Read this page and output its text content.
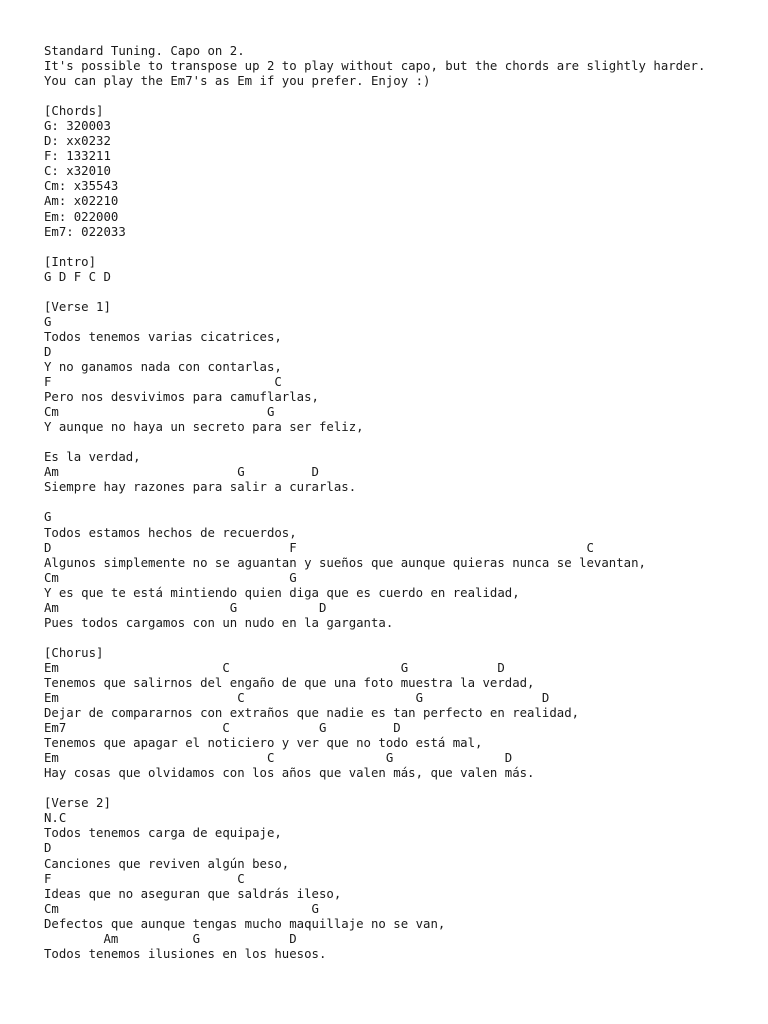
Standard Tuning. Capo on 2.
It's possible to transpose up 2 to play without capo, but the chords are slightly harder.
You can play the Em7's as Em if you prefer. Enjoy :)
[Chords]
G: 320003
D: xx0232
F: 133211
C: x32010
Cm: x35543
Am: x02210
Em: 022000
Em7: 022033
[Intro]
G D F C D
[Verse 1]
G
Todos tenemos varias cicatrices,
D
Y no ganamos nada con contarlas,
F                              C
Pero nos desvivimos para camuflarlas,
Cm                            G
Y aunque no haya un secreto para ser feliz,
Es la verdad,
Am                        G         D
Siempre hay razones para salir a curarlas.
G
Todos estamos hechos de recuerdos,
D                                F                                       C
Algunos simplemente no se aguantan y sueños que aunque quieras nunca se levantan,
Cm                               G
Y es que te está mintiendo quien diga que es cuerdo en realidad,
Am                       G           D
Pues todos cargamos con un nudo en la garganta.
[Chorus]
Em                      C                       G            D
Tenemos que salirnos del engaño de que una foto muestra la verdad,
Em                        C                       G                D
Dejar de compararnos con extraños que nadie es tan perfecto en realidad,
Em7                     C            G         D
Tenemos que apagar el noticiero y ver que no todo está mal,
Em                            C               G               D
Hay cosas que olvidamos con los años que valen más, que valen más.
[Verse 2]
N.C
Todos tenemos carga de equipaje,
D
Canciones que reviven algún beso,
F                         C
Ideas que no aseguran que saldrás ileso,
Cm                                  G
Defectos que aunque tengas mucho maquillaje no se van,
Am          G            D
Todos tenemos ilusiones en los huesos.
